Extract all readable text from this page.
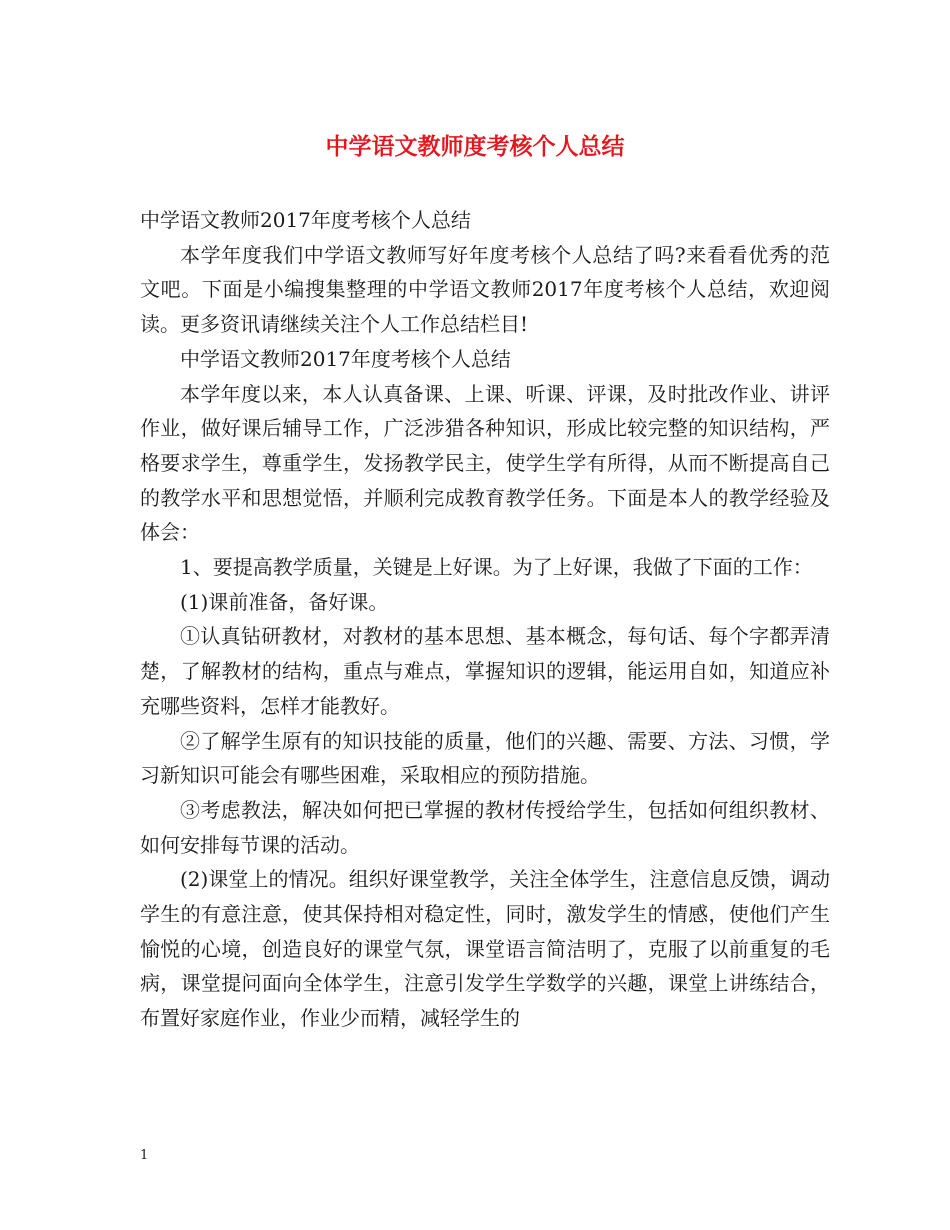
中学语文教师度考核个人总结

中学语文教师2017年度考核个人总结

本学年度我们中学语文教师写好年度考核个人总结了吗?来看看优秀的范文吧。下面是小编搜集整理的中学语文教师2017年度考核个人总结，欢迎阅读。更多资讯请继续关注个人工作总结栏目!

中学语文教师2017年度考核个人总结

本学年度以来，本人认真备课、上课、听课、评课，及时批改作业、讲评作业，做好课后辅导工作，广泛涉猎各种知识，形成比较完整的知识结构，严格要求学生，尊重学生，发扬教学民主，使学生学有所得，从而不断提高自己的教学水平和思想觉悟，并顺利完成教育教学任务。下面是本人的教学经验及体会：

1、要提高教学质量，关键是上好课。为了上好课，我做了下面的工作：

(1)课前准备，备好课。

①认真钻研教材，对教材的基本思想、基本概念，每句话、每个字都弄清楚，了解教材的结构，重点与难点，掌握知识的逻辑，能运用自如，知道应补充哪些资料，怎样才能教好。

②了解学生原有的知识技能的质量，他们的兴趣、需要、方法、习惯，学习新知识可能会有哪些困难，采取相应的预防措施。

③考虑教法，解决如何把已掌握的教材传授给学生，包括如何组织教材、如何安排每节课的活动。

(2)课堂上的情况。组织好课堂教学，关注全体学生，注意信息反馈，调动学生的有意注意，使其保持相对稳定性，同时，激发学生的情感，使他们产生愉悦的心境，创造良好的课堂气氛，课堂语言简洁明了，克服了以前重复的毛病，课堂提问面向全体学生，注意引发学生学数学的兴趣，课堂上讲练结合，布置好家庭作业，作业少而精，减轻学生的

1
